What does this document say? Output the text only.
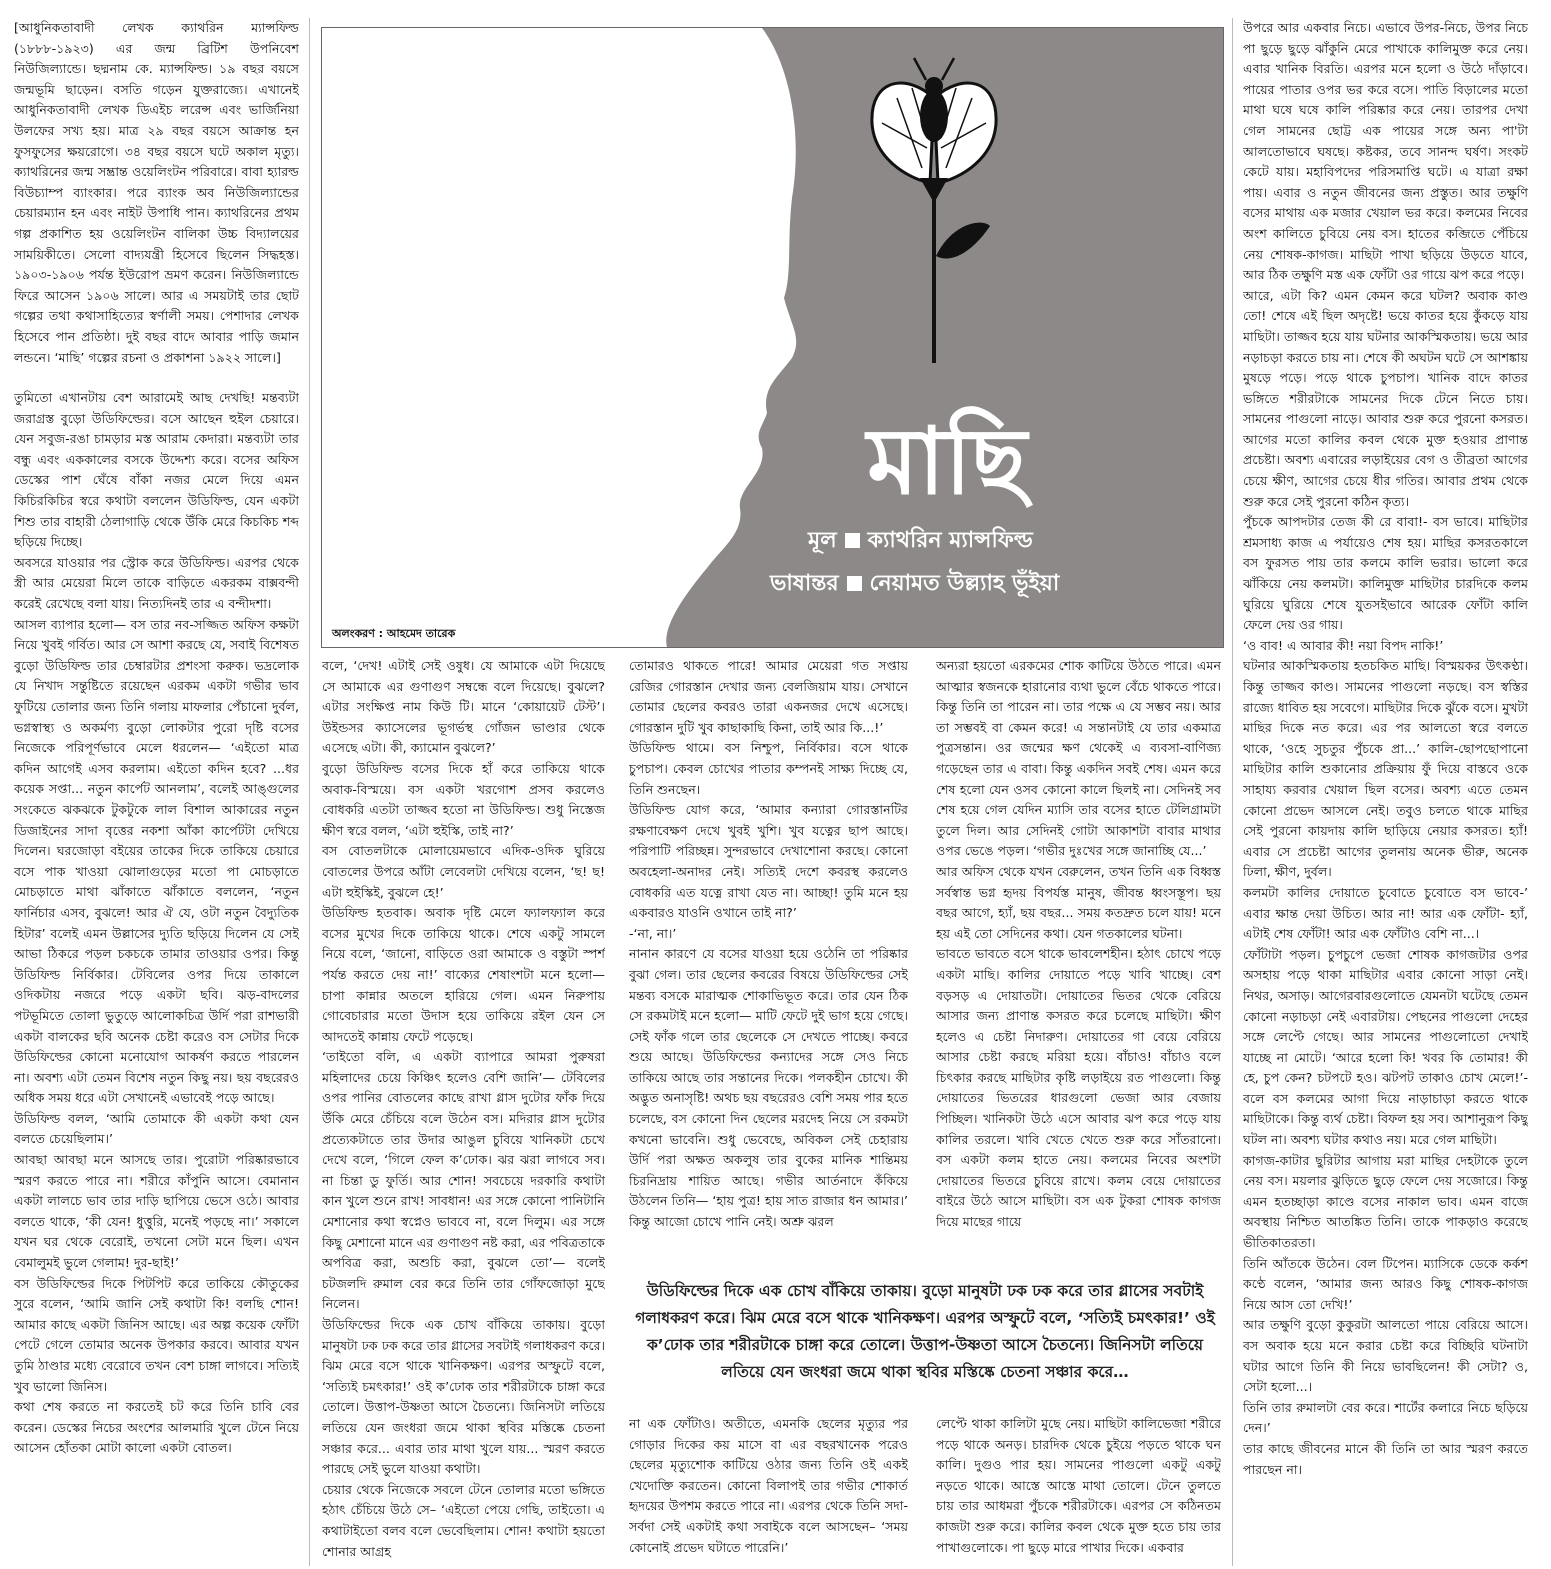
[আধুনিকতাবাদী লেখক ক্যাথরিন ম্যান্সফিল্ড (১৮৮৮-১৯২৩) এর জন্ম ব্রিটিশ উপনিবেশ নিউজিল্যান্ডে। ছদ্মনাম কে. ম্যান্সফিল্ড। ১৯ বছর বয়সে জন্মভূমি ছাড়েন। বসতি গড়েন যুক্তরাজ্যে। এখানেই আধুনিকতাবাদী লেখক ডিএইচ লরেন্স এবং ভার্জিনিয়া উলফের সখ্য হয়। মাত্র ২৯ বছর বয়সে আক্রান্ত হন ফুসফুসের ক্ষয়রোগে। ৩৪ বছর বয়সে ঘটে অকাল মৃত্যু। ক্যাথরিনের জন্ম সম্ভ্রান্ত ওয়েলিংটন পরিবারে। বাবা হ্যারল্ড বিউচ্যাম্প ব্যাংকার। পরে ব্যাংক অব নিউজিল্যান্ডের চেয়ারম্যান হন এবং নাইট উপাধি পান। ক্যাথরিনের প্রথম গল্প প্রকাশিত হয় ওয়েলিংটন বালিকা উচ্চ বিদ্যালয়ের সাময়িকীতে। সেলো বাদ্যযন্ত্রী হিসেবে ছিলেন সিদ্ধহস্ত। ১৯০৩-১৯০৬ পর্যন্ত ইউরোপ ভ্রমণ করেন। নিউজিল্যান্ডে ফিরে আসেন ১৯০৬ সালে। আর এ সময়টাই তার ছোট গল্পের তথা কথাসাহিত্যের স্বর্ণালী সময়। পেশাদার লেখক হিসেবে পান প্রতিষ্ঠা। দুই বছর বাদে আবার পাড়ি জমান লন্ডনে। ‘মাছি’ গল্পের রচনা ও প্রকাশনা ১৯২২ সালে।]

তুমিতো এখানটায় বেশ আরামেই আছ দেখছি! মন্তব্যটা জরাগ্রস্ত বুড়ো উডিফিল্ডের। বসে আছেন হুইল চেয়ারে। যেন সবুজ-রঙা চামড়ার মস্ত আরাম কেদারা। মন্তব্যটা তার বন্ধু এবং এককালের বসকে উদ্দেশ্য করে। বসের অফিস ডেস্কের পাশ ঘেঁষে বাঁকা নজর মেলে দিয়ে এমন কিচিরকিচির স্বরে কথাটা বললেন উডিফিল্ড, যেন একটা শিশু তার বাহারী ঠেলাগাড়ি থেকে উঁকি মেরে কিচকিচ শব্দ ছড়িয়ে দিচ্ছে।

অবসরে যাওয়ার পর স্ট্রোক করে উডিফিল্ড। এরপর থেকে স্ত্রী আর মেয়েরা মিলে তাকে বাড়িতে একরকম বাক্সবন্দী করেই রেখেছে বলা যায়। নিত্যদিনই তার এ বন্দীদশা।

আসল ব্যাপার হলো— বস তার নব-সজ্জিত অফিস কক্ষটা নিয়ে খুবই গর্বিত। আর সে আশা করছে যে, সবাই বিশেষত বুড়ো উডিফিল্ড তার চেম্বারটার প্রশংসা করুক। ভদ্রলোক যে নিখাদ সন্তুষ্টিতে রয়েছেন এরকম একটা গভীর ভাব ফুটিয়ে তোলার জন্য তিনি গলায় মাফলার পেঁচানো দুর্বল, ভগ্নস্বাস্থ্য ও অকর্মণ্য বুড়ো লোকটার পুরো দৃষ্টি বসের নিজেকে পরিপূর্ণভাবে মেলে ধরলেন— ‘এইতো মাত্র কদিন আগেই এসব করলাম। এইতো কদিন হবে? ...ধর কয়েক সপ্তা... নতুন কার্পেট আনলাম’, বলেই আঙ্গুলের সংকেতে ঝকঝকে টুকটুকে লাল বিশাল আকারের নতুন ডিজাইনের সাদা বৃত্তের নকশা আঁকা কার্পেটটা দেখিয়ে দিলেন। ঘরজোড়া বইয়ের তাকের দিকে তাকিয়ে চেয়ারে বসে পাক খাওয়া ঝোলাগুড়ের মতো পা মোচড়াতে মোচড়াতে মাথা ঝাঁকাতে ঝাঁকাতে বললেন, ‘নতুন ফার্নিচার এসব, বুঝলে! আর ঐ যে, ওটা নতুন বৈদ্যুতিক হিটার’ বলেই এমন উল্লাসের দ্যুতি ছড়িয়ে দিলেন যে সেই আভা ঠিকরে পড়ল চকচকে তামার তাওয়ার ওপর। কিন্তু উডিফিল্ড নির্বিকার। টেবিলের ওপর দিয়ে তাকালে ওদিকটায় নজরে পড়ে একটা ছবি। ঝড়-বাদলের পটভূমিতে তোলা ভুতুড়ে আলোকচিত্র উর্দি পরা রাশভারী একটা বালকের ছবি অনেক চেষ্টা করেও বস সেটার দিকে উডিফিল্ডের কোনো মনোযোগ আকর্ষণ করতে পারলেন না। অবশ্য এটা তেমন বিশেষ নতুন কিছু নয়। ছয় বছরেরও অধিক সময় ধরে এটা সেখানেই এভাবেই পড়ে আছে।

উডিফিল্ড বলল, ‘আমি তোমাকে কী একটা কথা যেন বলতে চেয়েছিলাম।’

আবছা আবছা মনে আসছে তার। পুরোটা পরিষ্কারভাবে স্মরণ করতে পারে না। শরীরে কাঁপুনি আসে। বেমানান একটা লালচে ভাব তার দাড়ি ছাপিয়ে ভেসে ওঠে। আবার বলতে থাকে, ‘কী যেন! ধুত্তুরি, মনেই পড়ছে না।’ সকালে যখন ঘর থেকে বেরোই, তখনো সেটা মনে ছিল। এখন বেমালুমই ভুলে গেলাম! দুর-ছাই!’

বস উডিফিল্ডের দিকে পিটপিট করে তাকিয়ে কৌতুকের সুরে বলেন, ‘আমি জানি সেই কথাটা কি! বলছি শোন! আমার কাছে একটা জিনিস আছে। এর অল্প কয়েক ফোঁটা পেটে গেলে তোমার অনেক উপকার করবে। আবার যখন তুমি ঠাণ্ডার মধ্যে বেরোবে তখন বেশ চাঙ্গা লাগবে। সত্যিই খুব ভালো জিনিস।

কথা শেষ করতে না করতেই চট করে তিনি চাবি বের করেন। ডেস্কের নিচের অংশের আলমারি খুলে টেনে নিয়ে আসেন হোঁতকা মোটা কালো একটা বোতল।

মাছি
মূল ক্যাথরিন ম্যান্সফিল্ড
ভাষান্তর নেয়ামত উল্ল্যাহ ভূঁইয়া
অলংকরণ : আহমেদ তারেক

বলে, ‘দেখ! এটাই সেই ওষুধ। যে আমাকে এটা দিয়েছে সে আমাকে এর গুণাগুণ সম্বন্ধে বলে দিয়েছে। বুঝলে? এটার সংক্ষিপ্ত নাম কিউ টি। মানে ‘কোয়ায়েট টেস্ট’। উইন্ডসর ক্যাসেলের ভূগর্ভস্থ গোঁজন ভাণ্ডার থেকে এসেছে এটা। কী, ক্যামোন বুঝলে?’

বুড়ো উডিফিল্ড বসের দিকে হাঁ করে তাকিয়ে থাকে অবাক-বিস্ময়ে। বস একটা খরগোশ প্রসব করলেও বোধকরি এতটা তাজ্জব হতো না উডিফিল্ড। শুধু নিস্তেজ ক্ষীণ স্বরে বলল, ‘এটা হুইস্কি, তাই না?’

বস বোতলটাকে মোলায়েমভাবে এদিক-ওদিক ঘুরিয়ে বোতলের উপরে আঁটা লেবেলটা দেখিয়ে বলেন, ‘ছ! ছ! এটা হুইস্কিই, বুঝলে হে!’

উডিফিল্ড হতবাক। অবাক দৃষ্টি মেলে ফ্যালফ্যাল করে বসের মুখের দিকে তাকিয়ে থাকে। শেষে একটু সামলে নিয়ে বলে, ‘জানো, বাড়িতে ওরা আমাকে ও বস্তুটা স্পর্শ পর্যন্ত করতে দেয় না!’ বাক্যের শেষাংশটা মনে হলো— চাপা কান্নার অতলে হারিয়ে গেল। এমন নিরুপায় গোবেচারার মতো উদাস হয়ে তাকিয়ে রইল যেন সে আদতেই কান্নায় ফেটে পড়েছে।

‘তাইতো বলি, এ একটা ব্যাপারে আমরা পুরুষরা মহিলাদের চেয়ে কিঞ্চিৎ হলেও বেশি জানি’— টেবিলের ওপর পানির বোতলের কাছে রাখা গ্লাস দুটোর ফাঁক দিয়ে উঁকি মেরে চেঁচিয়ে বলে উঠেন বস। মদিরার গ্লাস দুটোর প্রত্যেকটাতে তার উদার আঙুল চুবিয়ে খানিকটা চেখে দেখে বলে, ‘গিলে ফেল ক’ঢোক। ঝর ঝরা লাগবে সব। না চিন্তা ডু ফুর্তি। আর শোন! সবচেয়ে দরকারি কথাটা কান খুলে শুনে রাখ! সাবধান! এর সঙ্গে কোনো পানিটানি মেশানোর কথা স্বপ্নেও ভাববে না, বলে দিলুম। এর সঙ্গে কিছু মেশানো মানে এর গুণাগুণ নষ্ট করা, এর পবিত্রতাকে অপবিত্র করা, অশুচি করা, বুঝলে তো’— বলেই চটজলদি রুমাল বের করে তিনি তার গোঁফজোড়া মুছে নিলেন।

উডিফিল্ডের দিকে এক চোখ বাঁকিয়ে তাকায়। বুড়ো মানুষটা ঢক ঢক করে তার গ্লাসের সবটাই গলাধকরণ করে। ঝিম মেরে বসে থাকে খানিকক্ষণ। এরপর অস্ফুটে বলে, ‘সত্যিই চমৎকার!’ ওই ক’ঢোক তার শরীরটাকে চাঙ্গা করে তোলে। উত্তাপ-উষ্ণতা আসে চৈতন্যে। জিনিসটা লতিয়ে লতিয়ে যেন জংধরা জমে থাকা স্থবির মস্তিষ্কে চেতনা সঞ্চার করে... এবার তার মাথা খুলে যায়... স্মরণ করতে পারছে সেই ভুলে যাওয়া কথাটা।

চেয়ার থেকে নিজেকে সবলে টেনে তোলার মতো ভঙ্গিতে হঠাৎ চেঁচিয়ে উঠে সে– ‘এইতো পেয়ে গেছি, তাইতো। এ কথাটাইতো বলব বলে ভেবেছিলাম। শোন! কথাটা হয়তো শোনার আগ্রহ

তোমারও থাকতে পারে! আমার মেয়েরা গত সপ্তায় রেজির গোরস্তান দেখার জন্য বেলজিয়াম যায়। সেখানে তোমার ছেলের কবরও তারা একনজর দেখে এসেছে। গোরস্তান দুটি খুব কাছাকাছি কিনা, তাই আর কি...!’

উডিফিল্ড থামে। বস নিশ্চুপ, নির্বিকার। বসে থাকে চুপচাপ। কেবল চোখের পাতার কম্পনই সাক্ষ্য দিচ্ছে যে, তিনি শুনছেন।

উডিফিল্ড যোগ করে, ‘আমার কন্যারা গোরস্তানটির রক্ষণাবেক্ষণ দেখে খুবই খুশি। খুব যত্নের ছাপ আছে। পরিপাটি পরিচ্ছন্ন। সুন্দরভাবে দেখাশোনা করছে। কোনো অবহেলা-অনাদর নেই। সত্যিই দেশে কবরস্থ করলেও বোধকরি এত যত্নে রাখা যেত না। আচ্ছা! তুমি মনে হয় একবারও যাওনি ওখানে তাই না?’

-‘না, না।’

নানান কারণে যে বসের যাওয়া হয়ে ওঠেনি তা পরিষ্কার বুঝা গেল। তার ছেলের কবরের বিষয়ে উডিফিল্ডের সেই মন্তব্য বসকে মারাত্মক শোকাভিভূত করে। তার যেন ঠিক সে রকমটাই মনে হলো— মাটি ফেটে দুই ভাগ হয়ে গেছে। সেই ফাঁক গলে তার ছেলেকে সে দেখতে পাচ্ছে। কবরে শুয়ে আছে। উডিফিল্ডের কন্যাদের সঙ্গে সেও নিচে তাকিয়ে আছে তার সন্তানের দিকে। পলকহীন চোখে। কী অদ্ভুত অনাসৃষ্টি! অথচ ছয় বছরেরও বেশি সময় পার হতে চলেছে, বস কোনো দিন ছেলের মরদেহ নিয়ে সে রকমটা কখনো ভাবেনি। শুধু ভেবেছে, অবিকল সেই চেহারায় উর্দি পরা অক্ষত অকলুষ তার বুকের মানিক শান্তিময় চিরনিদ্রায় শায়িত আছে। গভীর আর্তনাদে কঁকিয়ে উঠলেন তিনি— ‘হায় পুত্র! হায় সাত রাজার ধন আমার।’ কিন্তু আজো চোখে পানি নেই। অশ্রু ঝরল

অন্যরা হয়তো এরকমের শোক কাটিয়ে উঠতে পারে। এমন আত্মার স্বজনকে হারানোর ব্যথা ভুলে বেঁচে থাকতে পারে। কিন্তু তিনি তা পারেন না। তার পক্ষে এ যে সম্ভব নয়। আর তা সম্ভবই বা কেমন করে! এ সন্তানটাই যে তার একমাত্র পুত্রসন্তান। ওর জন্মের ক্ষণ থেকেই এ ব্যবসা-বাণিজ্য গড়েছেন তার এ বাবা। কিন্তু একদিন সবই শেষ। এমন করে শেষ হলো যেন ওসব কোনো কালে ছিলই না। সেদিনই সব শেষ হয়ে গেল যেদিন ম্যাসি তার বসের হাতে টেলিগ্রামটা তুলে দিল। আর সেদিনই গোটা আকাশটা বাবার মাথার ওপর ভেঙে পড়ল। ‘গভীর দুঃখের সঙ্গে জানাচ্ছি যে...’

আর অফিস থেকে যখন বেরুলেন, তখন তিনি এক বিধ্বস্ত সর্বস্বান্ত ভগ্ন হৃদয় বিপর্যস্ত মানুষ, জীবন্ত ধ্বংসস্তূপ। ছয় বছর আগে, হ্যাঁ, ছয় বছর... সময় কতদ্রুত চলে যায়! মনে হয় এই তো সেদিনের কথা। যেন গতকালের ঘটনা।

ভাবতে ভাবতে বসে থাকে ভাবলেশহীন। হঠাৎ চোখে পড়ে একটা মাছি। কালির দোয়াতে পড়ে খাবি খাচ্ছে। বেশ বড়সড় এ দোয়াতটা। দোয়াতের ভিতর থেকে বেরিয়ে আসার জন্য প্রাণান্ত কসরত করে চলেছে মাছিটা। ক্ষীণ হলেও এ চেষ্টা নিদারুণ। দোয়াতের গা বেয়ে বেরিয়ে আসার চেষ্টা করছে মরিয়া হয়ে। বাঁচাও! বাঁচাও বলে চিৎকার করছে মাছিটার কৃষ্টি লড়াইয়ে রত পাগুলো। কিন্তু দোয়াতের ভিতরের ধারগুলো ভেজা আর বেজায় পিচ্ছিল। খানিকটা উঠে এসে আবার ঝপ করে পড়ে যায় কালির তরলে। খাবি খেতে খেতে শুরু করে সাঁতরানো। বস একটা কলম হাতে নেয়। কলমের নিবের অংশটা দোয়াতের ভিতরে চুবিয়ে রাখে। কলম বেয়ে দোয়াতের বাইরে উঠে আসে মাছিটা। বস এক টুকরা শোষক কাগজ দিয়ে মাছের গায়ে

উডিফিল্ডের দিকে এক চোখ বাঁকিয়ে তাকায়। বুড়ো মানুষটা ঢক ঢক করে তার গ্লাসের সবটাই গলাধকরণ করে। ঝিম মেরে বসে থাকে খানিকক্ষণ। এরপর অস্ফুটে বলে, ‘সত্যিই চমৎকার!’ ওই ক’ঢোক তার শরীরটাকে চাঙ্গা করে তোলে। উত্তাপ-উষ্ণতা আসে চৈতন্যে। জিনিসটা লতিয়ে লতিয়ে যেন জংধরা জমে থাকা স্থবির মস্তিষ্কে চেতনা সঞ্চার করে…

না এক ফোঁটাও। অতীতে, এমনকি ছেলের মৃত্যুর পর গোড়ার দিকের কয় মাসে বা এর বছরখানেক পরেও ছেলের মৃত্যুশোক কাটিয়ে ওঠার জন্য তিনি ওই একই খেদোক্তি করতেন। কোনো বিলাপই তার গভীর শোকার্ত হৃদয়ের উপশম করতে পারে না। এরপর থেকে তিনি সদা-সর্বদা সেই একটাই কথা সবাইকে বলে আসছেন– ‘সময় কোনোই প্রভেদ ঘটাতে পারেনি।’

লেপ্টে থাকা কালিটা মুছে নেয়। মাছিটা কালিভেজা শরীরে পড়ে থাকে অনড়। চারদিক থেকে চুইয়ে পড়তে থাকে ঘন কালি। দুগুও পার হয়। সামনের পাগুলো একটু একটু নড়তে থাকে। আস্তে আস্তে মাথা তোলে। টেনে তুলতে চায় তার আধমরা পুঁচকে শরীরটাকে। এরপর সে কঠিনতম কাজটা শুরু করে। কালির কবল থেকে মুক্ত হতে চায় তার পাখাগুলোকে। পা ছুড়ে মারে পাখার দিকে। একবার

উপরে আর একবার নিচে। এভাবে উপর-নিচে, উপর নিচে পা ছুড়ে ছুড়ে ঝাঁকুনি মেরে পাখাকে কালিমুক্ত করে নেয়। এবার খানিক বিরতি। এরপর মনে হলো ও উঠে দাঁড়াবে। পায়ের পাতার ওপর ভর করে বসে। পাতি বিড়ালের মতো মাথা ঘষে ঘষে কালি পরিষ্কার করে নেয়। তারপর দেখা গেল সামনের ছোট্ট এক পায়ের সঙ্গে অন্য পা'টা আলতোভাবে ঘষছে। কষ্টকর, তবে সানন্দ ঘর্ষণ। সংকট কেটে যায়। মহাবিপদের পরিসমাপ্তি ঘটে। এ যাত্রা রক্ষা পায়। এবার ও নতুন জীবনের জন্য প্রস্তুত। আর তক্ষুণি বসের মাথায় এক মজার খেয়াল ভর করে। কলমের নিবের অংশ কালিতে চুবিয়ে নেয় বস। হাতের কব্জিতে পেঁচিয়ে নেয় শোষক-কাগজ। মাছিটা পাখা ছড়িয়ে উড়তে যাবে, আর ঠিক তক্ষুণি মস্ত এক ফোঁটা ওর গায়ে ঝপ করে পড়ে।

আরে, এটা কি? এমন কেমন করে ঘটল? অবাক কাণ্ড তো! শেষে এই ছিল অদৃষ্টে! ভয়ে কাতর হয়ে কুঁকড়ে যায় মাছিটা। তাজ্জব হয়ে যায় ঘটনার আকস্মিকতায়। ভয়ে আর নড়াচড়া করতে চায় না। শেষে কী অঘটন ঘটে সে আশঙ্কায় মুষড়ে পড়ে। পড়ে থাকে চুপচাপ। খানিক বাদে কাতর ভঙ্গিতে শরীরটাকে সামনের দিকে টেনে নিতে চায়। সামনের পাগুলো নাড়ে। আবার শুরু করে পুরনো কসরত। আগের মতো কালির কবল থেকে মুক্ত হওয়ার প্রাণান্ত প্রচেষ্টা। অবশ্য এবারের লড়াইয়ের বেগ ও তীব্রতা আগের চেয়ে ক্ষীণ, আগের চেয়ে ধীর গতির। আবার প্রথম থেকে শুরু করে সেই পুরনো কঠিন কৃত্য।

পুঁচকে আপদটার তেজ কী রে বাবা!- বস ভাবে। মাছিটার শ্রমসাধ্য কাজ এ পর্যায়েও শেষ হয়। মাছির কসরতকালে বস ফুরসত পায় তার কলমে কালি ভরার। ভালো করে ঝাঁকিয়ে নেয় কলমটা। কালিমুক্ত মাছিটার চারদিকে কলম ঘুরিয়ে ঘুরিয়ে শেষে যুতসইভাবে আরেক ফোঁটা কালি ফেলে দেয় ওর গায়।

‘ও বাব! এ আবার কী! নয়া বিপদ নাকি!’

ঘটনার আকস্মিকতায় হতচকিত মাছি। বিস্ময়কর উৎকণ্ঠা। কিন্তু তাজ্জব কাণ্ড। সামনের পাগুলো নড়ছে। বস স্বস্তির রাজ্যে ধাবিত হয় সবেগে। মাছিটার দিকে ঝুঁকে বসে। মুখটা মাছির দিকে নত করে। এর পর আলতো স্বরে বলতে থাকে, ‘ওহে সুচতুর পুঁচকে প্রা...’ কালি-ছোপছোপানো মাছিটার কালি শুকানোর প্রক্রিয়ায় ফুঁ দিয়ে বাস্তবে ওকে সাহায্য করবার খেয়াল ছিল বসের। অবশ্য এতে তেমন কোনো প্রভেদ আসলে নেই। তবুও চলতে থাকে মাছির সেই পুরনো কায়দায় কালি ছাড়িয়ে নেয়ার কসরত। হ্যাঁ! এবার সে প্রচেষ্টা আগের তুলনায় অনেক ভীরু, অনেক ঢিলা, ক্ষীণ, দুর্বল।

কলমটা কালির দোয়াতে চুবোতে চুবোতে বস ভাবে-’ এবার ক্ষান্ত দেয়া উচিত। আর না! আর এক ফোঁটা- হ্যাঁ, এটাই শেষ ফোঁটা! আর এক ফোঁটাও বেশি না...।

ফোঁটাটা পড়ল। চুপচুপে ভেজা শোষক কাগজটার ওপর অসহায় পড়ে থাকা মাছিটার এবার কোনো সাড়া নেই। নিথর, অসাড়। আগেরবারগুলোতে যেমনটা ঘটেছে তেমন কোনো নড়াচড়া নেই এবারটায়। পেছনের পাগুলো দেহের সঙ্গে লেপ্টে গেছে। আর সামনের পাগুলোতো দেখাই যাচ্ছে না মোটে। ‘আরে হলো কি! খবর কি তোমার! কী হে, চুপ কেন? চটপটে হও। ঝটপট তাকাও চোখ মেলে!’- বলে বস কলমের আগা দিয়ে নাড়াচাড়া করতে থাকে মাছিটাকে। কিন্তু ব্যর্থ চেষ্টা। বিফল হয় সব। আশানুরূপ কিছু ঘটল না। অবশ্য ঘটার কথাও নয়। মরে গেল মাছিটা।

কাগজ-কাটার ছুরিটার আগায় মরা মাছির দেহটাকে তুলে নেয় বস। ময়লার ঝুড়িতে ছুড়ে ফেলে দেয় সজোরে। কিন্তু এমন হতচ্ছাড়া কাণ্ডে বসের নাকাল ভাব। এমন বাজে অবস্থায় নিশ্চিত আতঙ্কিত তিনি। তাকে পাকড়াও করেছে ভীতিকাতরতা।

তিনি আঁতকে উঠেন। বেল টিপেন। ম্যাসিকে ডেকে কর্কশ কণ্ঠে বলেন, ‘আমার জন্য আরও কিছু শোষক-কাগজ নিয়ে আস তো দেখি!’

আর তক্ষুণি বুড়ো কুকুরটা আলতো পায়ে বেরিয়ে আসে। বস অবাক হয়ে মনে করার চেষ্টা করে বিচ্ছিরি ঘটনাটা ঘটার আগে তিনি কী নিয়ে ভাবছিলেন! কী সেটা? ও, সেটা হলো...।

তিনি তার রুমালটা বের করে। শার্টের কলারে নিচে ছড়িয়ে দেন।’

তার কাছে জীবনের মানে কী তিনি তা আর স্মরণ করতে পারছেন না।
